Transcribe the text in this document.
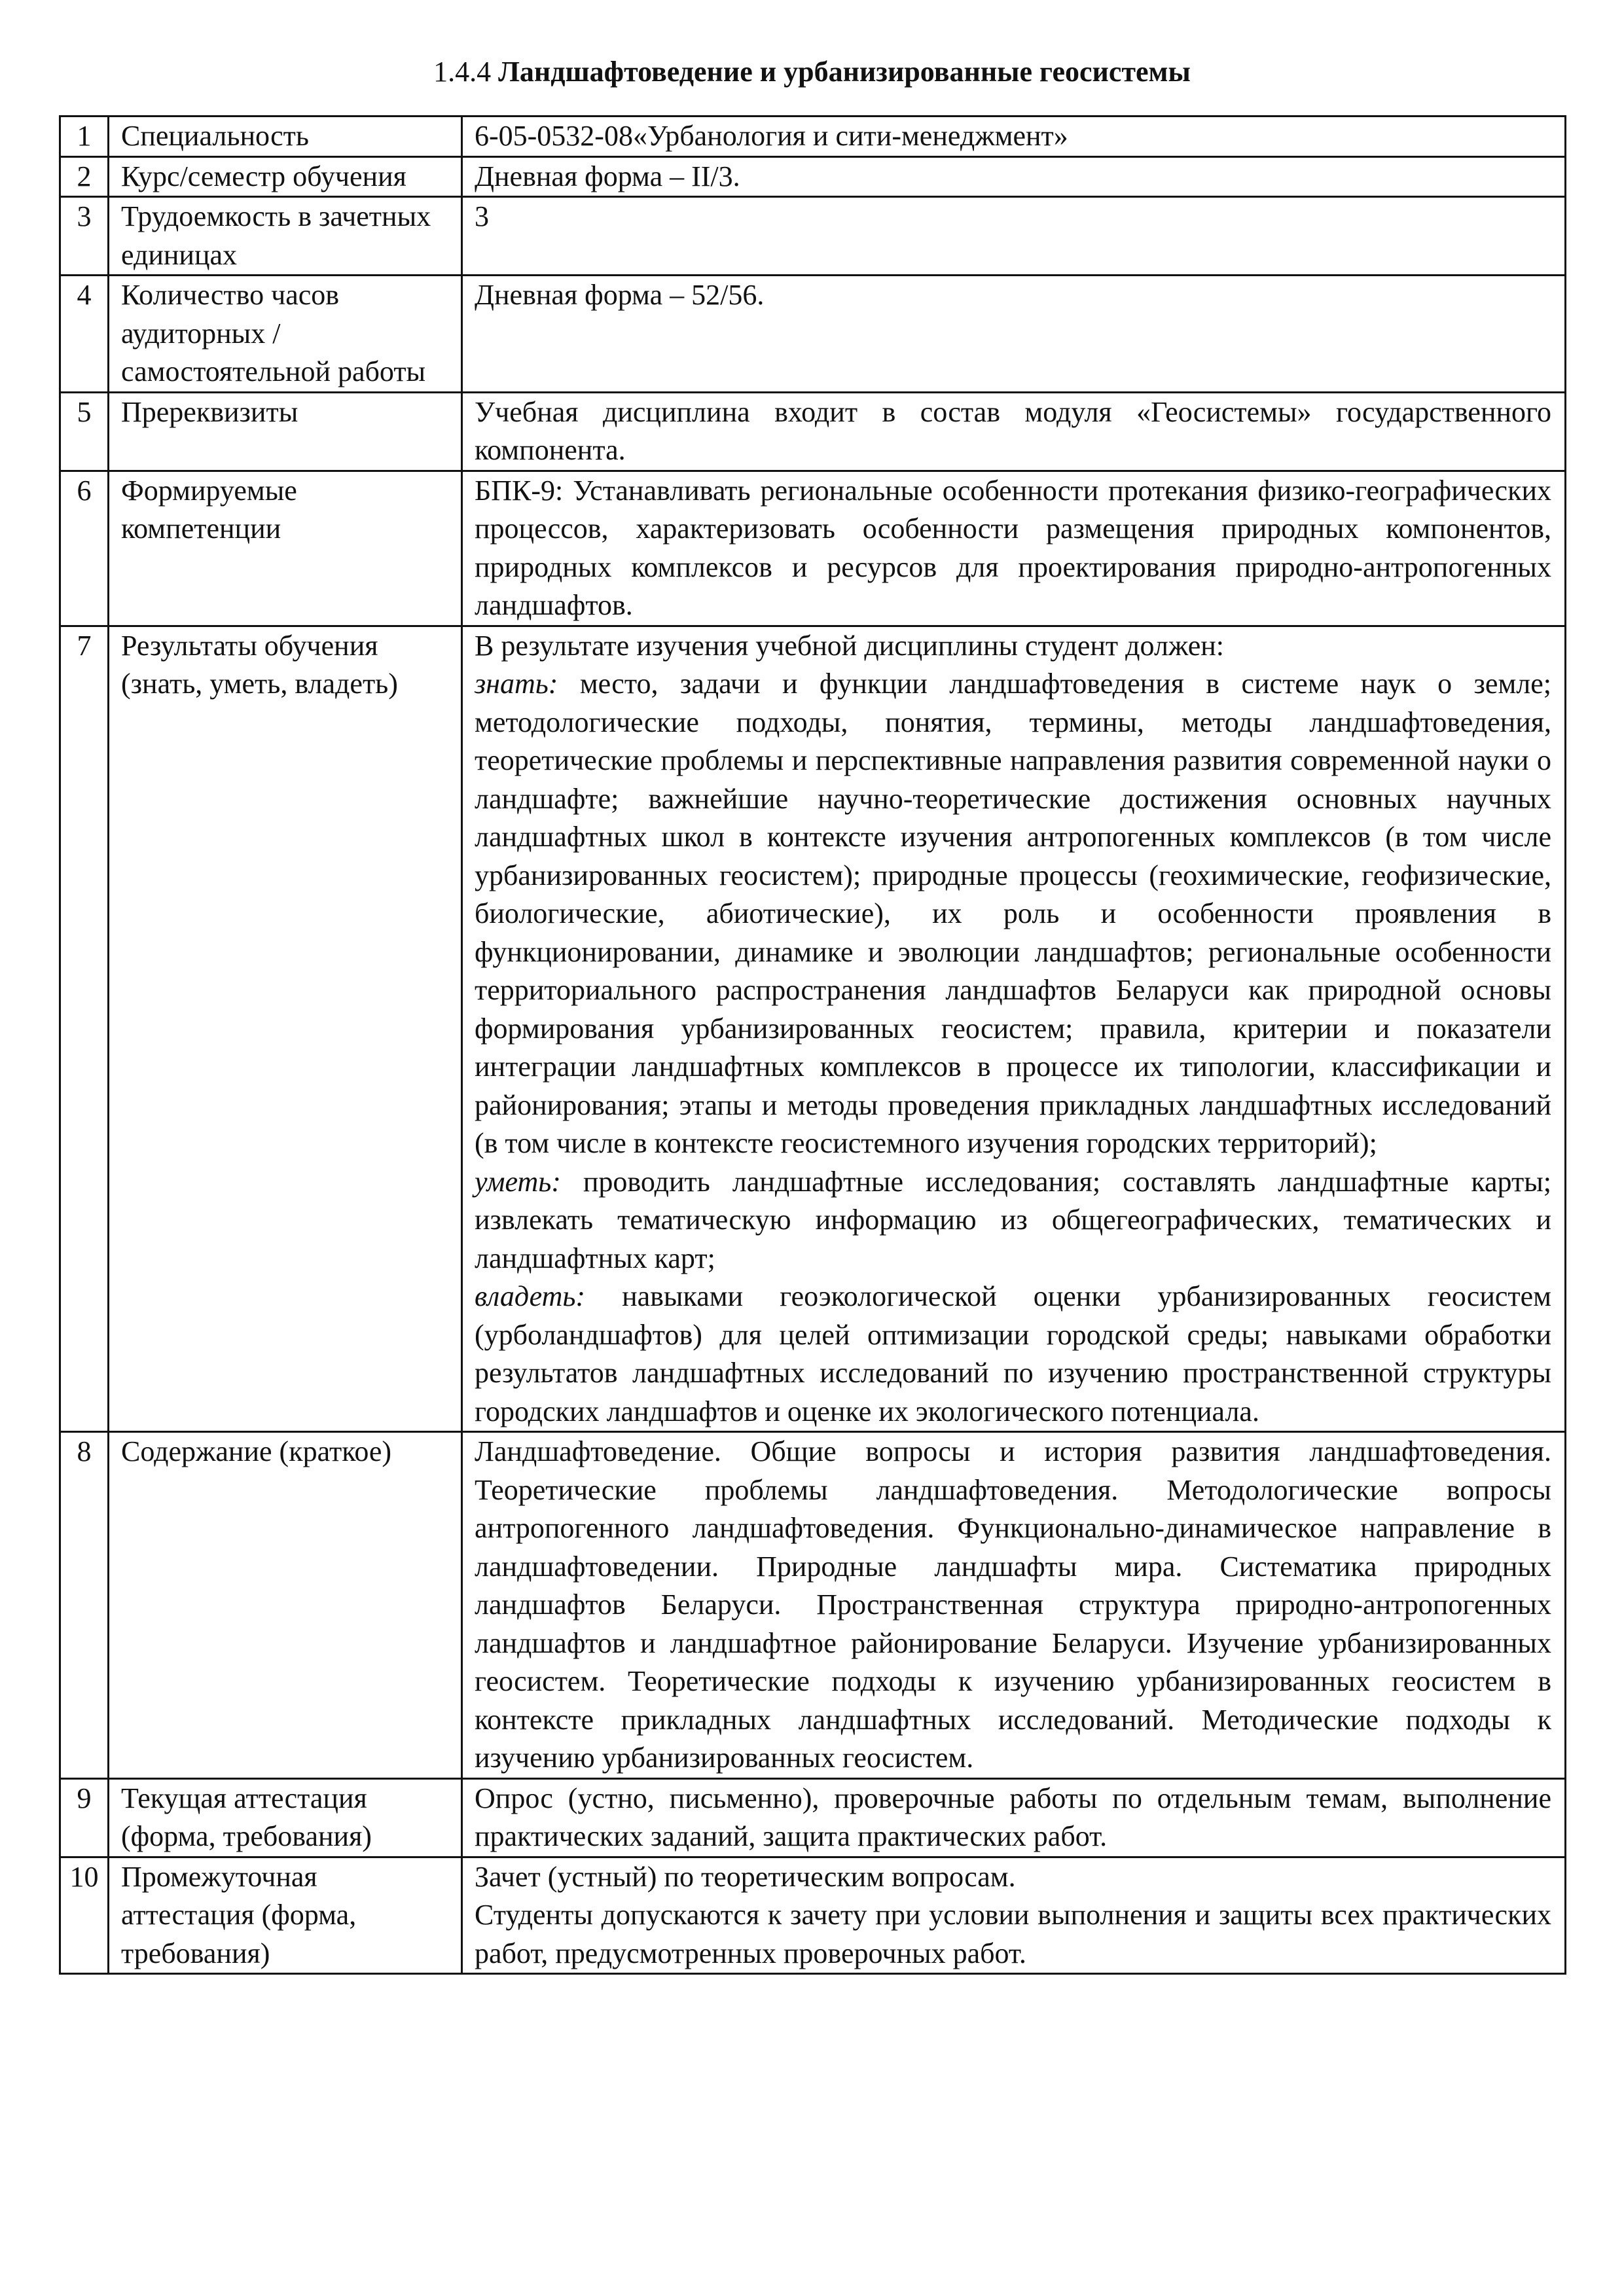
1.4.4 Ландшафтоведение и урбанизированные геосистемы
1	Специальность	6-05-0532-08«Урбанология и сити-менеджмент»
2	Курс/семестр обучения	Дневная форма – II/3.
3	Трудоемкость в зачетных единицах	3
4	Количество часов аудиторных / самостоятельной работы	Дневная форма – 52/56.
5	Пререквизиты	Учебная дисциплина входит в состав модуля «Геосистемы» государственного компонента.
6	Формируемые компетенции	БПК-9: Устанавливать региональные особенности протекания физико-географических процессов, характеризовать особенности размещения природных компонентов, природных комплексов и ресурсов для проектирования природно-антропогенных ландшафтов.
7	Результаты обучения (знать, уметь, владеть)	В результате изучения учебной дисциплины студент должен:

знать: место, задачи и функции ландшафтоведения в системе наук о земле; методологические подходы, понятия, термины, методы ландшафтоведения, теоретические проблемы и перспективные направления развития современной науки о ландшафте; важнейшие научно-теоретические достижения основных научных ландшафтных школ в контексте изучения антропогенных комплексов (в том числе урбанизированных геосистем); природные процессы (геохимические, геофизические, биологические, абиотические), их роль и особенности проявления в функционировании, динамике и эволюции ландшафтов; региональные особенности территориального распространения ландшафтов Беларуси как природной основы формирования урбанизированных геосистем; правила, критерии и показатели интеграции ландшафтных комплексов в процессе их типологии, классификации и районирования; этапы и методы проведения прикладных ландшафтных исследований (в том числе в контексте геосистемного изучения городских территорий);

уметь: проводить ландшафтные исследования; составлять ландшафтные карты; извлекать тематическую информацию из общегеографических, тематических и ландшафтных карт;

владеть: навыками геоэкологической оценки урбанизированных геосистем (урболандшафтов) для целей оптимизации городской среды; навыками обработки результатов ландшафтных исследований по изучению пространственной структуры городских ландшафтов и оценке их экологического потенциала.

8	Содержание (краткое)	Ландшафтоведение. Общие вопросы и история развития ландшафтоведения. Теоретические проблемы ландшафтоведения. Методологические вопросы антропогенного ландшафтоведения. Функционально-динамическое направление в ландшафтоведении. Природные ландшафты мира. Систематика природных ландшафтов Беларуси. Пространственная структура природно-антропогенных ландшафтов и ландшафтное районирование Беларуси. Изучение урбанизированных геосистем. Теоретические подходы к изучению урбанизированных геосистем в контексте прикладных ландшафтных исследований. Методические подходы к изучению урбанизированных геосистем.
9	Текущая аттестация (форма, требования)	Опрос (устно, письменно), проверочные работы по отдельным темам, выполнение практических заданий, защита практических работ.
10	Промежуточная аттестация (форма, требования)	Зачет (устный) по теоретическим вопросам.

Студенты допускаются к зачету при условии выполнения и защиты всех практических работ, предусмотренных проверочных работ.
